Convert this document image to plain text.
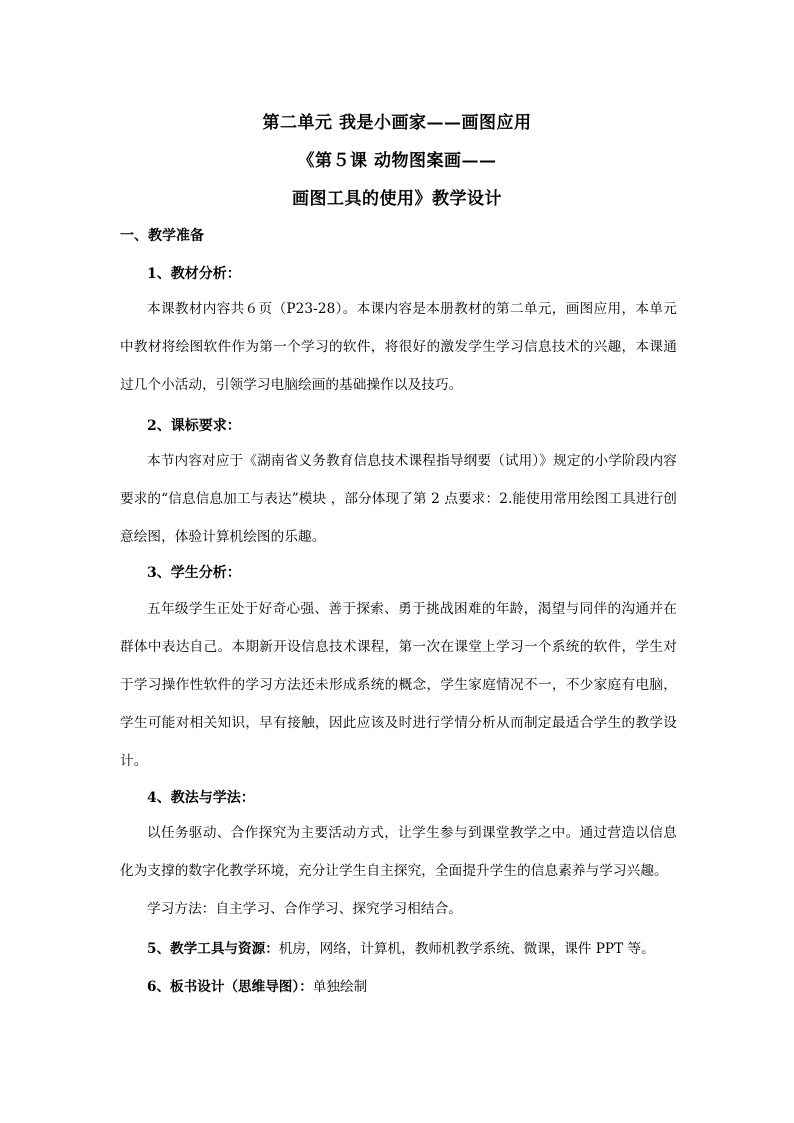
第二单元 我是小画家——画图应用
《第５课 动物图案画——
画图工具的使用》教学设计
一、教学准备
1、教材分析：
本课教材内容共６页（P23-28）。本课内容是本册教材的第二单元，画图应用，本单元中教材将绘图软件作为第一个学习的软件，将很好的激发学生学习信息技术的兴趣，本课通过几个小活动，引领学习电脑绘画的基础操作以及技巧。
2、课标要求：
本节内容对应于《湖南省义务教育信息技术课程指导纲要（试用）》规定的小学阶段内容要求的“信息信息加工与表达”模块 ，部分体现了第 2 点要求：2.能使用常用绘图工具进行创意绘图，体验计算机绘图的乐趣。
3、学生分析：
五年级学生正处于好奇心强、善于探索、勇于挑战困难的年龄，渴望与同伴的沟通并在群体中表达自己。本期新开设信息技术课程，第一次在课堂上学习一个系统的软件，学生对于学习操作性软件的学习方法还未形成系统的概念，学生家庭情况不一，不少家庭有电脑，学生可能对相关知识，早有接触，因此应该及时进行学情分析从而制定最适合学生的教学设计。
4、教法与学法：
以任务驱动、合作探究为主要活动方式，让学生参与到课堂教学之中。通过营造以信息化为支撑的数字化教学环境，充分让学生自主探究，全面提升学生的信息素养与学习兴趣。
学习方法：自主学习、合作学习、探究学习相结合。
5、教学工具与资源：机房，网络，计算机，教师机教学系统、微课，课件 PPT 等。
6、板书设计（思维导图）：单独绘制
